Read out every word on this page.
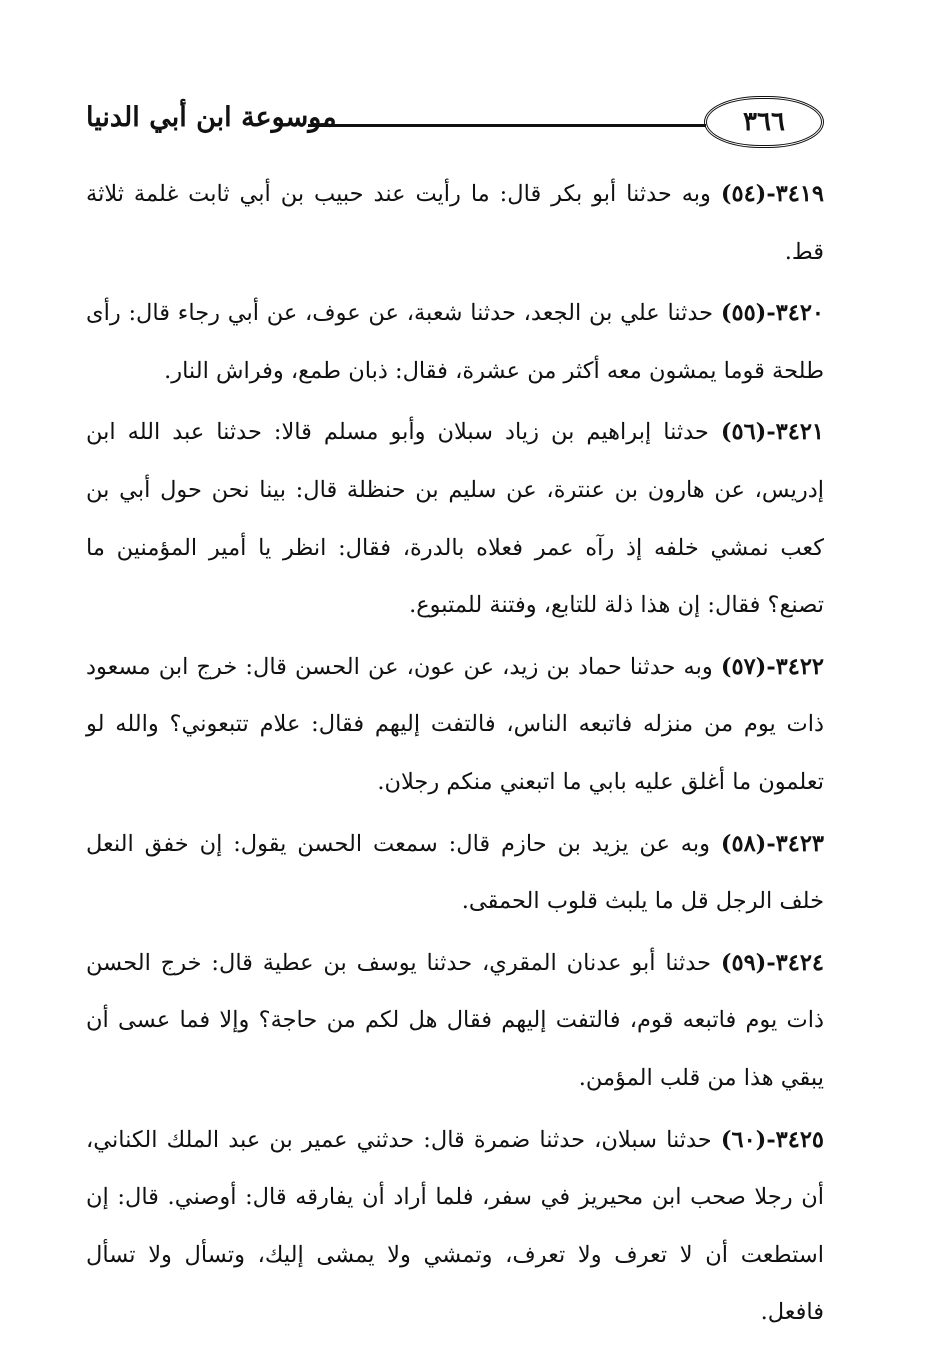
موسوعة ابن أبي الدنيا	٣٦٦

٣٤١٩-(٥٤) وبه حدثنا أبو بكر قال: ما رأيت عند حبيب بن أبي ثابت غلمة ثلاثة قط.

٣٤٢٠-(٥٥) حدثنا علي بن الجعد، حدثنا شعبة، عن عوف، عن أبي رجاء قال: رأى طلحة قوما يمشون معه أكثر من عشرة، فقال: ذبان طمع، وفراش النار.

٣٤٢١-(٥٦) حدثنا إبراهيم بن زياد سبلان وأبو مسلم قالا: حدثنا عبد الله ابن إدريس، عن هارون بن عنترة، عن سليم بن حنظلة قال: بينا نحن حول أبي بن كعب نمشي خلفه إذ رآه عمر فعلاه بالدرة، فقال: انظر يا أمير المؤمنين ما تصنع؟ فقال: إن هذا ذلة للتابع، وفتنة للمتبوع.

٣٤٢٢-(٥٧) وبه حدثنا حماد بن زيد، عن عون، عن الحسن قال: خرج ابن مسعود ذات يوم من منزله فاتبعه الناس، فالتفت إليهم فقال: علام تتبعوني؟ والله لو تعلمون ما أغلق عليه بابي ما اتبعني منكم رجلان.

٣٤٢٣-(٥٨) وبه عن يزيد بن حازم قال: سمعت الحسن يقول: إن خفق النعل خلف الرجل قل ما يلبث قلوب الحمقى.

٣٤٢٤-(٥٩) حدثنا أبو عدنان المقري، حدثنا يوسف بن عطية قال: خرج الحسن ذات يوم فاتبعه قوم، فالتفت إليهم فقال هل لكم من حاجة؟ وإلا فما عسى أن يبقي هذا من قلب المؤمن.

٣٤٢٥-(٦٠) حدثنا سبلان، حدثنا ضمرة قال: حدثني عمير بن عبد الملك الكناني، أن رجلا صحب ابن محيريز في سفر، فلما أراد أن يفارقه قال: أوصني. قال: إن استطعت أن لا تعرف ولا تعرف، وتمشي ولا يمشى إليك، وتسأل ولا تسأل فافعل.
